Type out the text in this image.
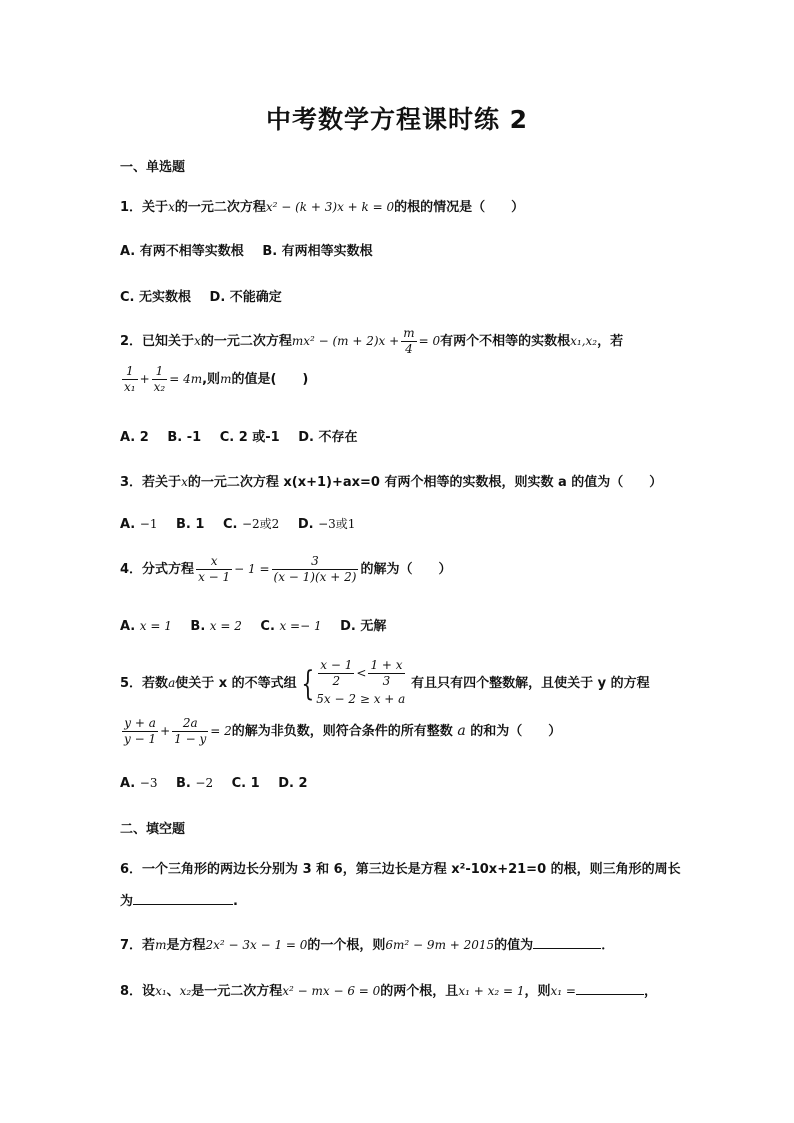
中考数学方程课时练 2
一、单选题
1．关于x的一元二次方程x² − (k + 3)x + k = 0的根的情况是（　　）
A. 有两不相等实数根 B. 有两相等实数根
C. 无实数根 D. 不能确定
2．已知关于x的一元二次方程$mx^2 - (m + 2)x + \frac{m}{4} = 0$有两个不相等的实数根x₁,x₂，若
$\frac{1}{\text{x₁}} + \frac{1}{\text{x₂}} = 4m$,则m的值是(　　)
A. 2 B. -1 C. 2 或-1 D. 不存在
3．若关于x的一元二次方程 x(x+1)+ax=0 有两个相等的实数根，则实数 a 的值为（　　）
A. −1 B. 1 C. −2或2 D. −3或1
4．分式方程 $\frac{x}{x - 1} - 1 = \frac{3}{(x - 1)(x + 2)}$ 的解为（　　）
A. x = 1 B. x = 2 C. x =− 1 D. 无解
5．若数a使关于 x 的不等式组 { $\frac{x - 1}{2} < \frac{1 + x}{3}$
5x − 2 ≥ x + a
有且只有四个整数解，且使关于 y 的方程
$\frac{y + a}{y - 1} + \frac{2a}{1 - y} = 2$的解为非负数，则符合条件的所有整数 a 的和为（　　）
A. −3 B. −2 C. 1 D. 2
二、填空题
6．一个三角形的两边长分别为 3 和 6，第三边长是方程 x²-10x+21=0 的根，则三角形的周长
为	.
7．若m是方程2x² − 3x − 1 = 0的一个根，则6m² − 9m + 2015的值为	．
8．设x₁、x₂是一元二次方程x² − mx − 6 = 0的两个根，且x₁ + x₂ = 1，则x₁ =	，
